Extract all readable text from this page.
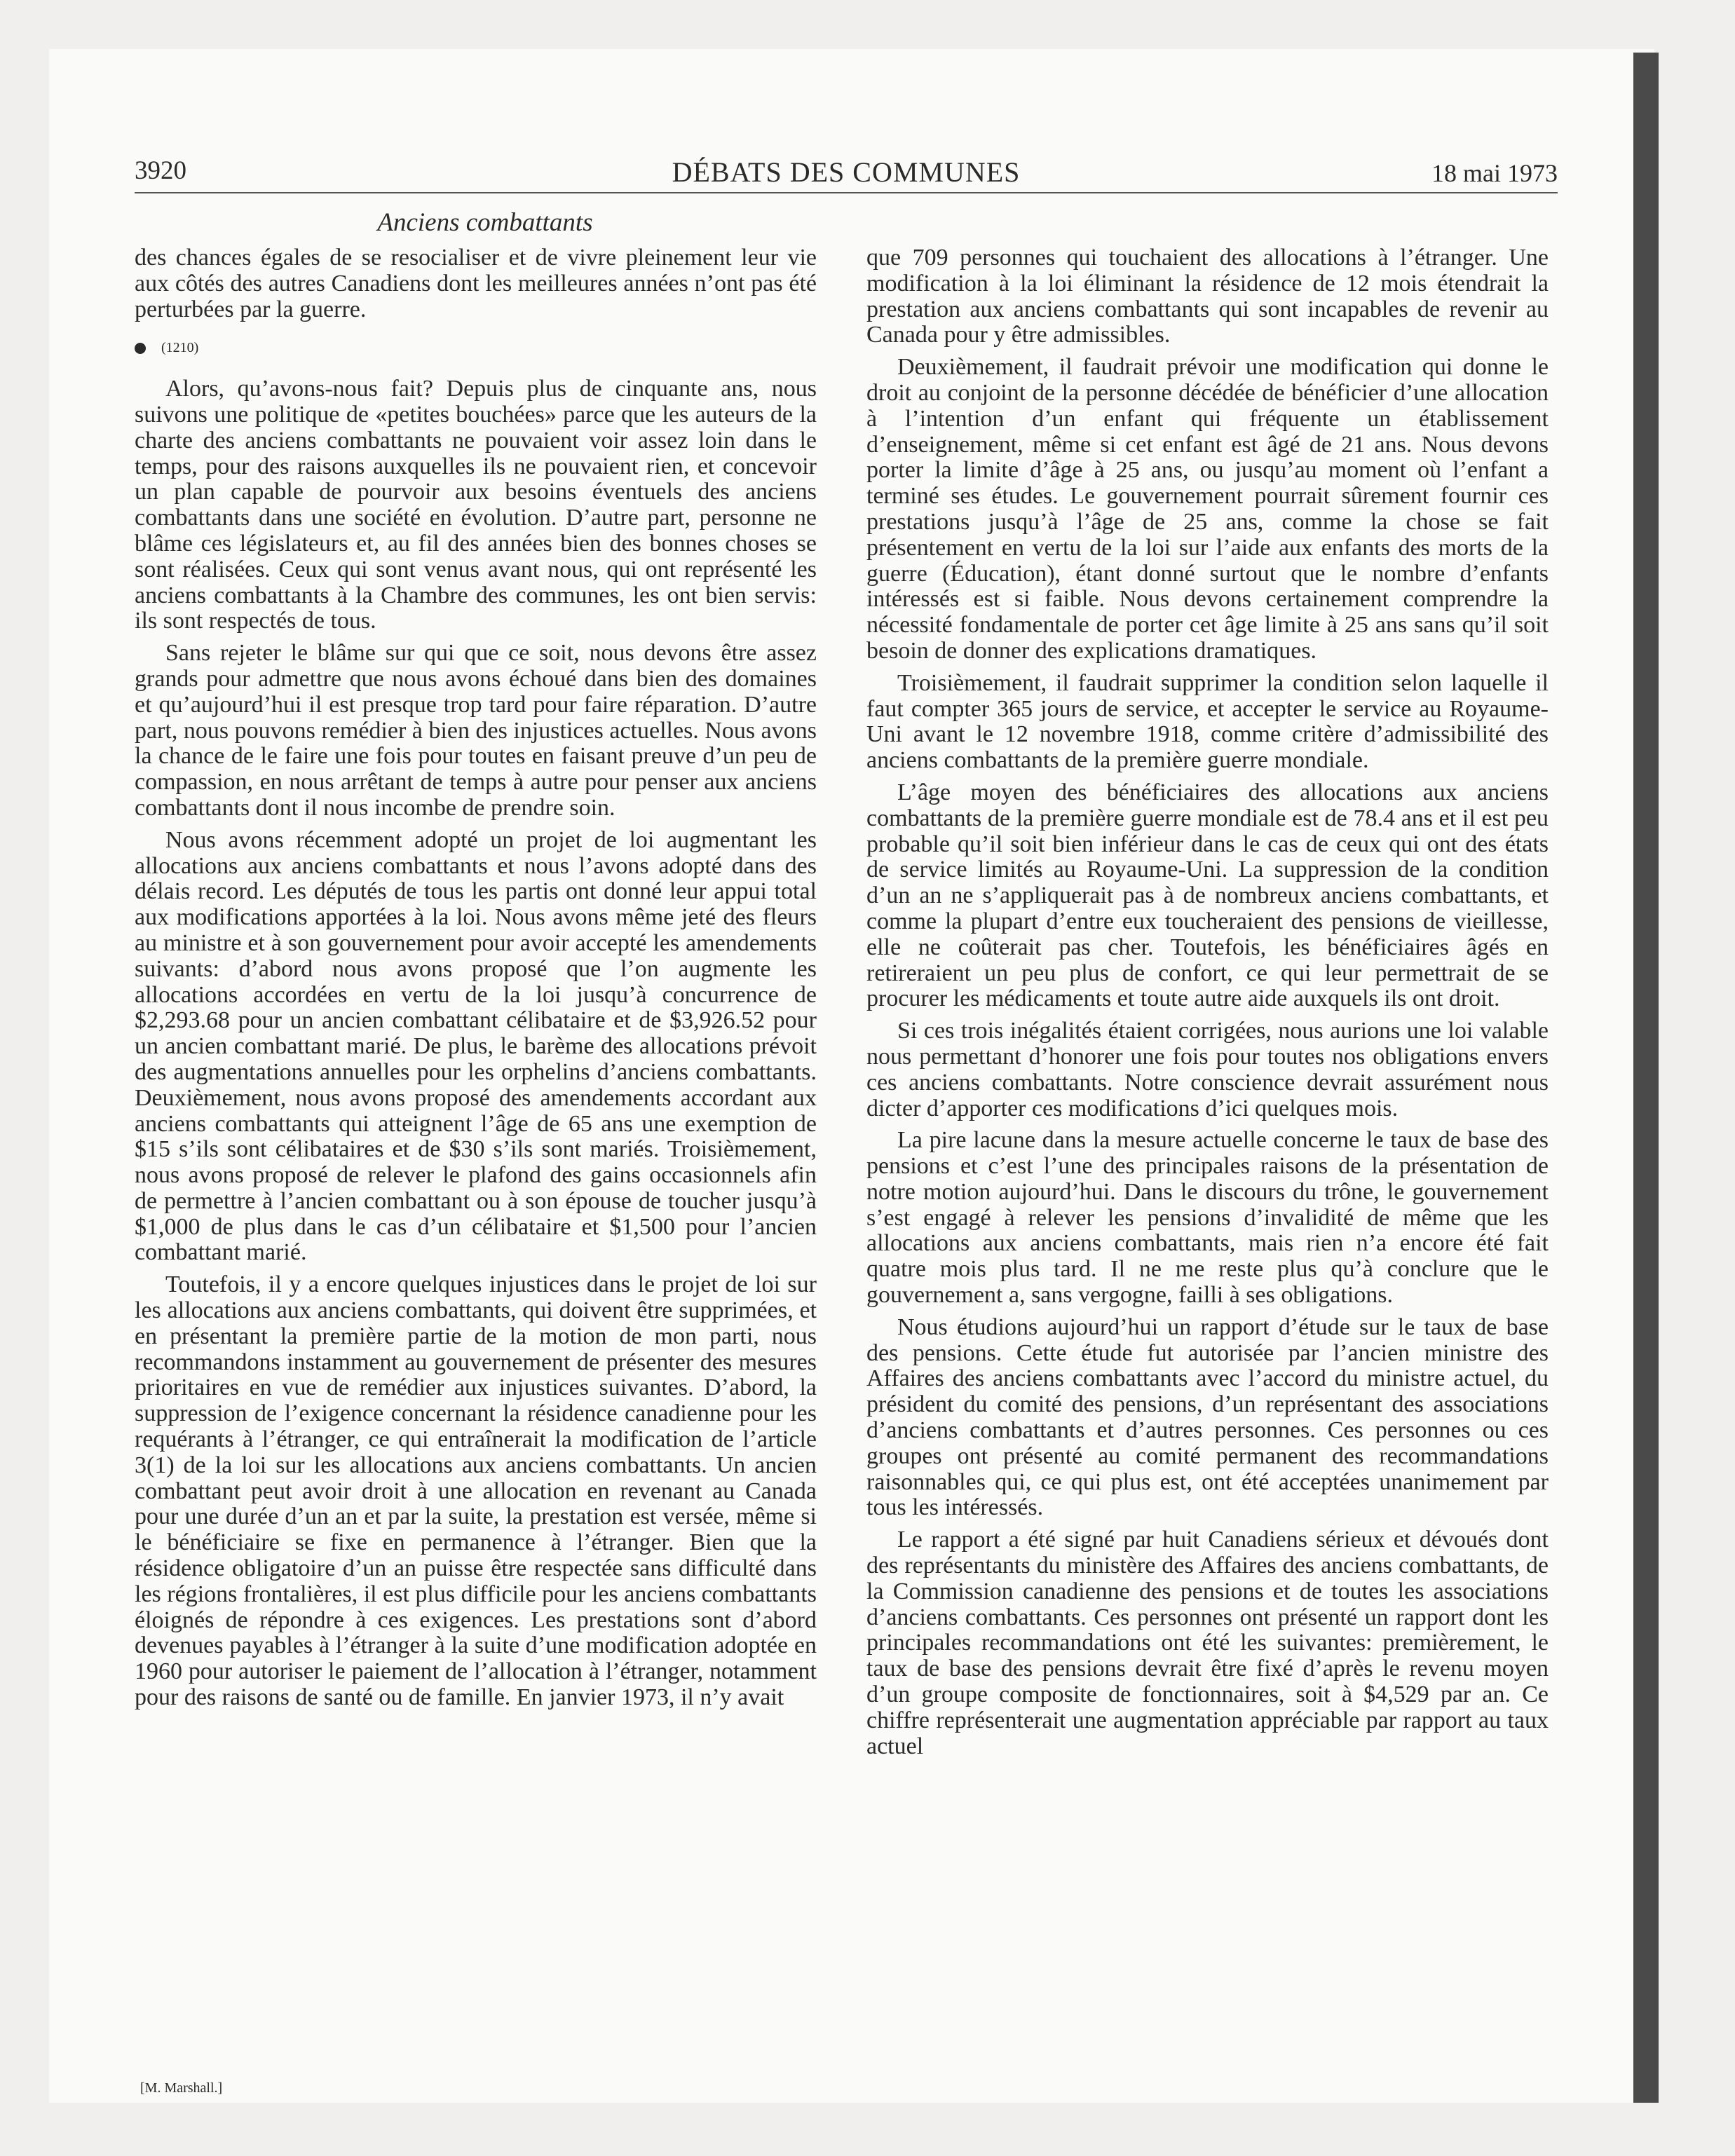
3920	DÉBATS DES COMMUNES	18 mai 1973
Anciens combattants

des chances égales de se resocialiser et de vivre pleinement leur vie aux côtés des autres Canadiens dont les meilleures années n’ont pas été perturbées par la guerre.

(1210)

Alors, qu’avons-nous fait? Depuis plus de cinquante ans, nous suivons une politique de «petites bouchées» parce que les auteurs de la charte des anciens combattants ne pouvaient voir assez loin dans le temps, pour des raisons auxquelles ils ne pouvaient rien, et concevoir un plan capable de pourvoir aux besoins éventuels des anciens combattants dans une société en évolution. D’autre part, personne ne blâme ces législateurs et, au fil des années bien des bonnes choses se sont réalisées. Ceux qui sont venus avant nous, qui ont représenté les anciens combattants à la Chambre des communes, les ont bien servis: ils sont respectés de tous.

Sans rejeter le blâme sur qui que ce soit, nous devons être assez grands pour admettre que nous avons échoué dans bien des domaines et qu’aujourd’hui il est presque trop tard pour faire réparation. D’autre part, nous pouvons remédier à bien des injustices actuelles. Nous avons la chance de le faire une fois pour toutes en faisant preuve d’un peu de compassion, en nous arrêtant de temps à autre pour penser aux anciens combattants dont il nous incombe de prendre soin.

Nous avons récemment adopté un projet de loi augmentant les allocations aux anciens combattants et nous l’avons adopté dans des délais record. Les députés de tous les partis ont donné leur appui total aux modifications apportées à la loi. Nous avons même jeté des fleurs au ministre et à son gouvernement pour avoir accepté les amendements suivants: d’abord nous avons proposé que l’on augmente les allocations accordées en vertu de la loi jusqu’à concurrence de $2,293.68 pour un ancien combattant célibataire et de $3,926.52 pour un ancien combattant marié. De plus, le barème des allocations prévoit des augmentations annuelles pour les orphelins d’anciens combattants. Deuxièmement, nous avons proposé des amendements accordant aux anciens combattants qui atteignent l’âge de 65 ans une exemption de $15 s’ils sont célibataires et de $30 s’ils sont mariés. Troisièmement, nous avons proposé de relever le plafond des gains occasionnels afin de permettre à l’ancien combattant ou à son épouse de toucher jusqu’à $1,000 de plus dans le cas d’un célibataire et $1,500 pour l’ancien combattant marié.

Toutefois, il y a encore quelques injustices dans le projet de loi sur les allocations aux anciens combattants, qui doivent être supprimées, et en présentant la première partie de la motion de mon parti, nous recommandons instamment au gouvernement de présenter des mesures prioritaires en vue de remédier aux injustices suivantes. D’abord, la suppression de l’exigence concernant la résidence canadienne pour les requérants à l’étranger, ce qui entraînerait la modification de l’article 3(1) de la loi sur les allocations aux anciens combattants. Un ancien combattant peut avoir droit à une allocation en revenant au Canada pour une durée d’un an et par la suite, la prestation est versée, même si le bénéficiaire se fixe en permanence à l’étranger. Bien que la résidence obligatoire d’un an puisse être respectée sans difficulté dans les régions frontalières, il est plus difficile pour les anciens combattants éloignés de répondre à ces exigences. Les prestations sont d’abord devenues payables à l’étranger à la suite d’une modification adoptée en 1960 pour autoriser le paiement de l’allocation à l’étranger, notamment pour des raisons de santé ou de famille. En janvier 1973, il n’y avait

que 709 personnes qui touchaient des allocations à l’étranger. Une modification à la loi éliminant la résidence de 12 mois étendrait la prestation aux anciens combattants qui sont incapables de revenir au Canada pour y être admissibles.

Deuxièmement, il faudrait prévoir une modification qui donne le droit au conjoint de la personne décédée de bénéficier d’une allocation à l’intention d’un enfant qui fréquente un établissement d’enseignement, même si cet enfant est âgé de 21 ans. Nous devons porter la limite d’âge à 25 ans, ou jusqu’au moment où l’enfant a terminé ses études. Le gouvernement pourrait sûrement fournir ces prestations jusqu’à l’âge de 25 ans, comme la chose se fait présentement en vertu de la loi sur l’aide aux enfants des morts de la guerre (Éducation), étant donné surtout que le nombre d’enfants intéressés est si faible. Nous devons certainement comprendre la nécessité fondamentale de porter cet âge limite à 25 ans sans qu’il soit besoin de donner des explications dramatiques.

Troisièmement, il faudrait supprimer la condition selon laquelle il faut compter 365 jours de service, et accepter le service au Royaume-Uni avant le 12 novembre 1918, comme critère d’admissibilité des anciens combattants de la première guerre mondiale.

L’âge moyen des bénéficiaires des allocations aux anciens combattants de la première guerre mondiale est de 78.4 ans et il est peu probable qu’il soit bien inférieur dans le cas de ceux qui ont des états de service limités au Royaume-Uni. La suppression de la condition d’un an ne s’appliquerait pas à de nombreux anciens combattants, et comme la plupart d’entre eux toucheraient des pensions de vieillesse, elle ne coûterait pas cher. Toutefois, les bénéficiaires âgés en retireraient un peu plus de confort, ce qui leur permettrait de se procurer les médicaments et toute autre aide auxquels ils ont droit.

Si ces trois inégalités étaient corrigées, nous aurions une loi valable nous permettant d’honorer une fois pour toutes nos obligations envers ces anciens combattants. Notre conscience devrait assurément nous dicter d’apporter ces modifications d’ici quelques mois.

La pire lacune dans la mesure actuelle concerne le taux de base des pensions et c’est l’une des principales raisons de la présentation de notre motion aujourd’hui. Dans le discours du trône, le gouvernement s’est engagé à relever les pensions d’invalidité de même que les allocations aux anciens combattants, mais rien n’a encore été fait quatre mois plus tard. Il ne me reste plus qu’à conclure que le gouvernement a, sans vergogne, failli à ses obligations.

Nous étudions aujourd’hui un rapport d’étude sur le taux de base des pensions. Cette étude fut autorisée par l’ancien ministre des Affaires des anciens combattants avec l’accord du ministre actuel, du président du comité des pensions, d’un représentant des associations d’anciens combattants et d’autres personnes. Ces personnes ou ces groupes ont présenté au comité permanent des recommandations raisonnables qui, ce qui plus est, ont été acceptées unanimement par tous les intéressés.

Le rapport a été signé par huit Canadiens sérieux et dévoués dont des représentants du ministère des Affaires des anciens combattants, de la Commission canadienne des pensions et de toutes les associations d’anciens combattants. Ces personnes ont présenté un rapport dont les principales recommandations ont été les suivantes: premièrement, le taux de base des pensions devrait être fixé d’après le revenu moyen d’un groupe composite de fonctionnaires, soit à $4,529 par an. Ce chiffre représenterait une augmentation appréciable par rapport au taux actuel

[M. Marshall.]
